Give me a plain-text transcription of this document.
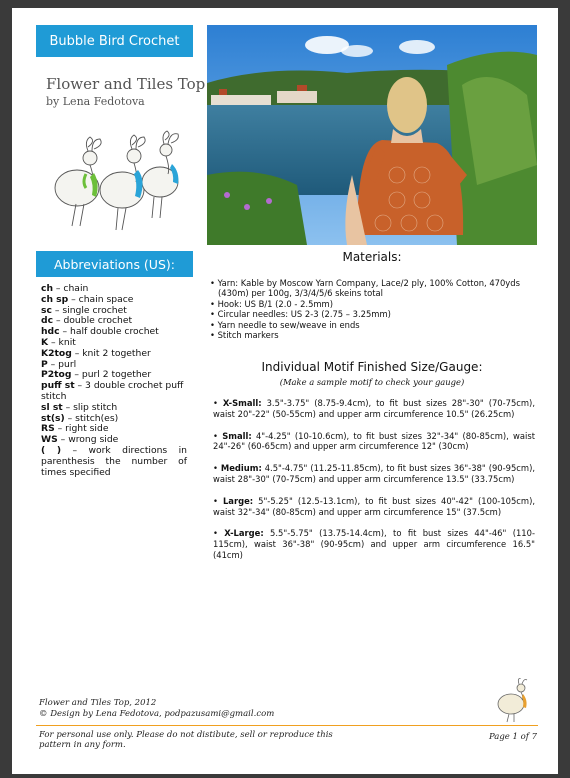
Bubble Bird Crochet
Flower and Tiles Top
by Lena Fedotova
Abbreviations (US):
ch – chain
ch sp – chain space
sc – single crochet
dc – double crochet
hdc – half double crochet
K – knit
K2tog – knit 2 together
P – purl
P2tog – purl 2 together
puff st – 3 double crochet puff stitch
sl st – slip stitch
st(s) – stitch(es)
RS – right side
WS – wrong side
( ) – work directions in parenthesis the number of times specified
Materials:
• Yarn: Kable by Moscow Yarn Company, Lace/2 ply, 100% Cotton, 470yds (430m) per 100g, 3/3/4/5/6 skeins total
• Hook: US B/1 (2.0 - 2.5mm)
• Circular needles: US 2-3 (2.75 – 3.25mm)
• Yarn needle to sew/weave in ends
• Stitch markers
Individual Motif Finished Size/Gauge:
(Make a sample motif to check your gauge)
• X-Small: 3.5"-3.75" (8.75-9.4cm), to fit bust sizes 28"-30" (70-75cm), waist 20"-22" (50-55cm) and upper arm circumference 10.5" (26.25cm)
• Small: 4"-4.25" (10-10.6cm), to fit bust sizes 32"-34" (80-85cm), waist 24"-26" (60-65cm) and upper arm circumference 12" (30cm)
• Medium: 4.5"-4.75" (11.25-11.85cm), to fit bust sizes 36"-38" (90-95cm), waist 28"-30" (70-75cm) and upper arm circumference 13.5" (33.75cm)
• Large: 5"-5.25" (12.5-13.1cm), to fit bust sizes 40"-42" (100-105cm), waist 32"-34" (80-85cm) and upper arm circumference 15" (37.5cm)
• X-Large: 5.5"-5.75" (13.75-14.4cm), to fit bust sizes 44"-46" (110-115cm), waist 36"-38" (90-95cm) and upper arm circumference 16.5" (41cm)
Flower and Tiles Top, 2012
© Design by Lena Fedotova, podpazusami@gmail.com
For personal use only. Please do not distibute, sell or reproduce this pattern in any form.
Page 1 of 7
